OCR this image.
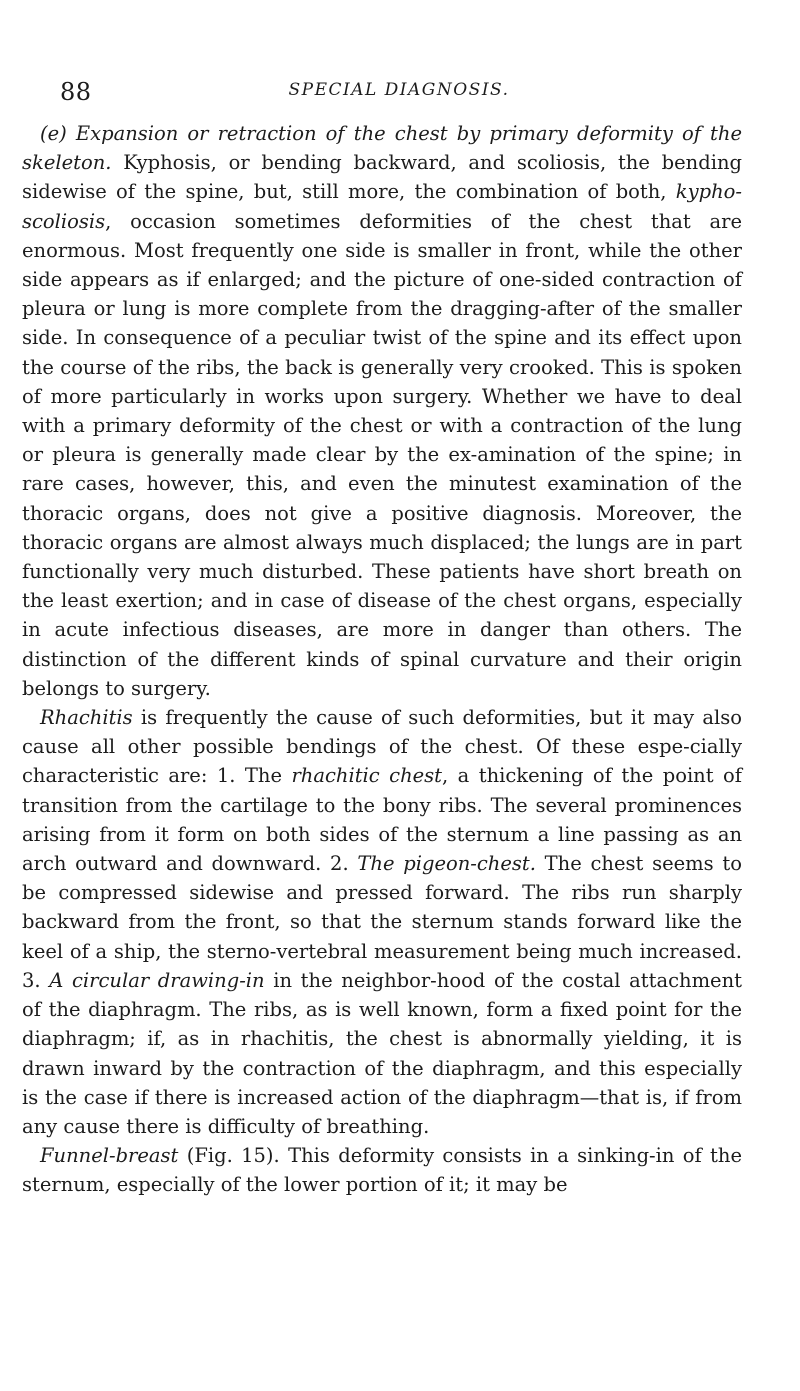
88	SPECIAL DIAGNOSIS.

(e) Expansion or retraction of the chest by primary deformity of the skeleton. Kyphosis, or bending backward, and scoliosis, the bending sidewise of the spine, but, still more, the combination of both, kypho-scoliosis, occasion sometimes deformities of the chest that are enormous. Most frequently one side is smaller in front, while the other side appears as if enlarged; and the picture of one-sided contraction of pleura or lung is more complete from the dragging-after of the smaller side. In consequence of a peculiar twist of the spine and its effect upon the course of the ribs, the back is generally very crooked. This is spoken of more particularly in works upon surgery. Whether we have to deal with a primary deformity of the chest or with a contraction of the lung or pleura is generally made clear by the ex-amination of the spine; in rare cases, however, this, and even the minutest examination of the thoracic organs, does not give a positive diagnosis. Moreover, the thoracic organs are almost always much displaced; the lungs are in part functionally very much disturbed. These patients have short breath on the least exertion; and in case of disease of the chest organs, especially in acute infectious diseases, are more in danger than others. The distinction of the different kinds of spinal curvature and their origin belongs to surgery.

Rhachitis is frequently the cause of such deformities, but it may also cause all other possible bendings of the chest. Of these espe-cially characteristic are: 1. The rhachitic chest, a thickening of the point of transition from the cartilage to the bony ribs. The several prominences arising from it form on both sides of the sternum a line passing as an arch outward and downward. 2. The pigeon-chest. The chest seems to be compressed sidewise and pressed forward. The ribs run sharply backward from the front, so that the sternum stands forward like the keel of a ship, the sterno-vertebral measurement being much increased. 3. A circular drawing-in in the neighbor-hood of the costal attachment of the diaphragm. The ribs, as is well known, form a fixed point for the diaphragm; if, as in rhachitis, the chest is abnormally yielding, it is drawn inward by the contraction of the diaphragm, and this especially is the case if there is increased action of the diaphragm—that is, if from any cause there is difficulty of breathing.

Funnel-breast (Fig. 15). This deformity consists in a sinking-in of the sternum, especially of the lower portion of it; it may be
